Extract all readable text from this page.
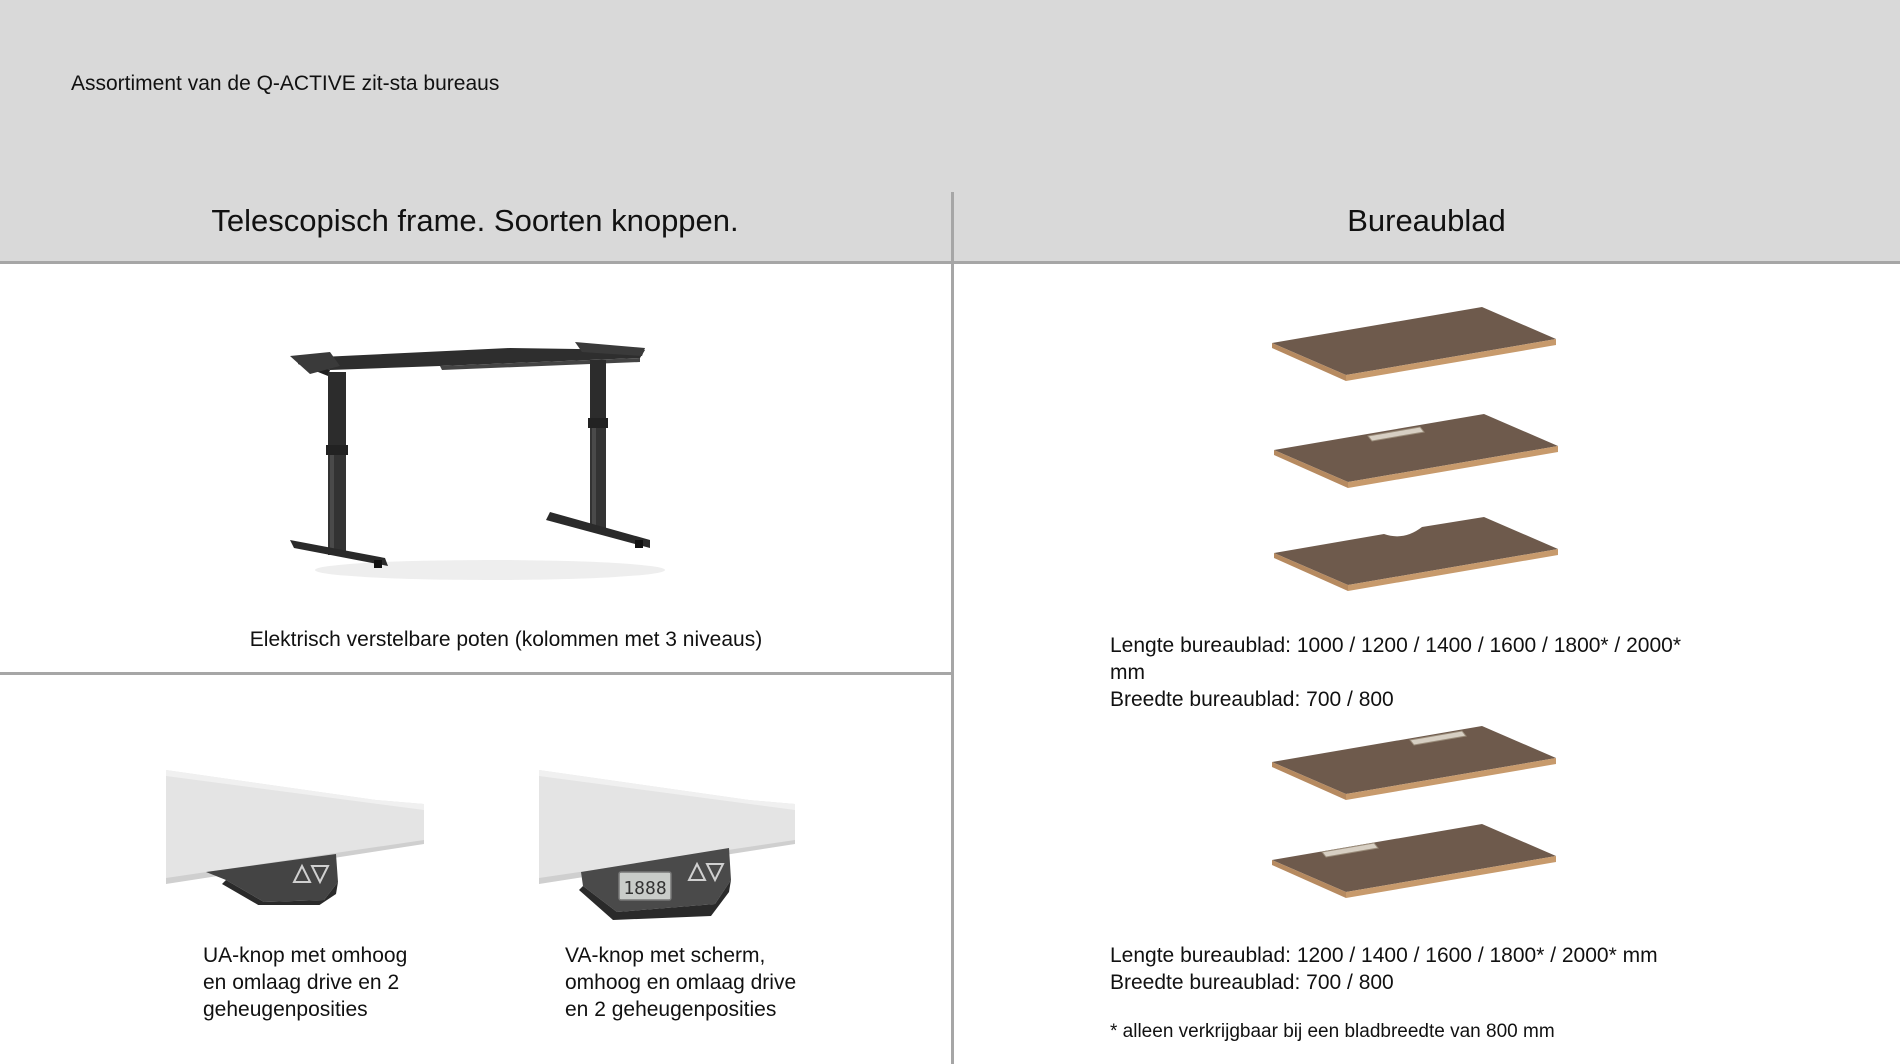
Assortiment van de Q-ACTIVE zit-sta bureaus
Telescopisch frame. Soorten knoppen.	Bureaublad
Elektrisch verstelbare poten (kolommen met 3 niveaus)
UA-knop met omhoog
en omlaag drive en 2
geheugenposities
1888
VA-knop met scherm,
omhoog en omlaag drive
en 2 geheugenposities
Lengte bureaublad: 1000 / 1200 / 1400 / 1600 / 1800* / 2000*
mm
Breedte bureaublad: 700 / 800
Lengte bureaublad: 1200 / 1400 / 1600 / 1800* / 2000* mm
Breedte bureaublad: 700 / 800
* alleen verkrijgbaar bij een bladbreedte van 800 mm
